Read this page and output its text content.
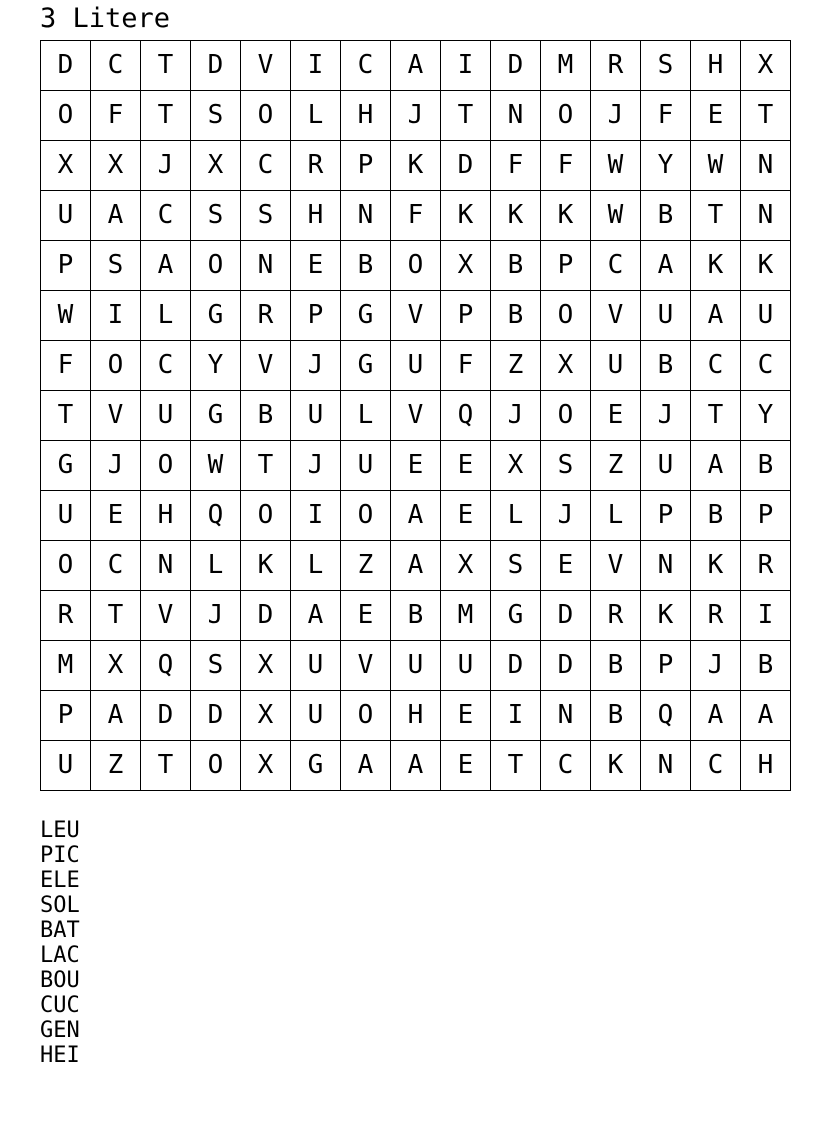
3 Litere
D	C	T	D	V	I	C	A	I	D	M	R	S	H	X
O	F	T	S	O	L	H	J	T	N	O	J	F	E	T
X	X	J	X	C	R	P	K	D	F	F	W	Y	W	N
U	A	C	S	S	H	N	F	K	K	K	W	B	T	N
P	S	A	O	N	E	B	O	X	B	P	C	A	K	K
W	I	L	G	R	P	G	V	P	B	O	V	U	A	U
F	O	C	Y	V	J	G	U	F	Z	X	U	B	C	C
T	V	U	G	B	U	L	V	Q	J	O	E	J	T	Y
G	J	O	W	T	J	U	E	E	X	S	Z	U	A	B
U	E	H	Q	O	I	O	A	E	L	J	L	P	B	P
O	C	N	L	K	L	Z	A	X	S	E	V	N	K	R
R	T	V	J	D	A	E	B	M	G	D	R	K	R	I
M	X	Q	S	X	U	V	U	U	D	D	B	P	J	B
P	A	D	D	X	U	O	H	E	I	N	B	Q	A	A
U	Z	T	O	X	G	A	A	E	T	C	K	N	C	H
LEU
PIC
ELE
SOL
BAT
LAC
BOU
CUC
GEN
HEI
